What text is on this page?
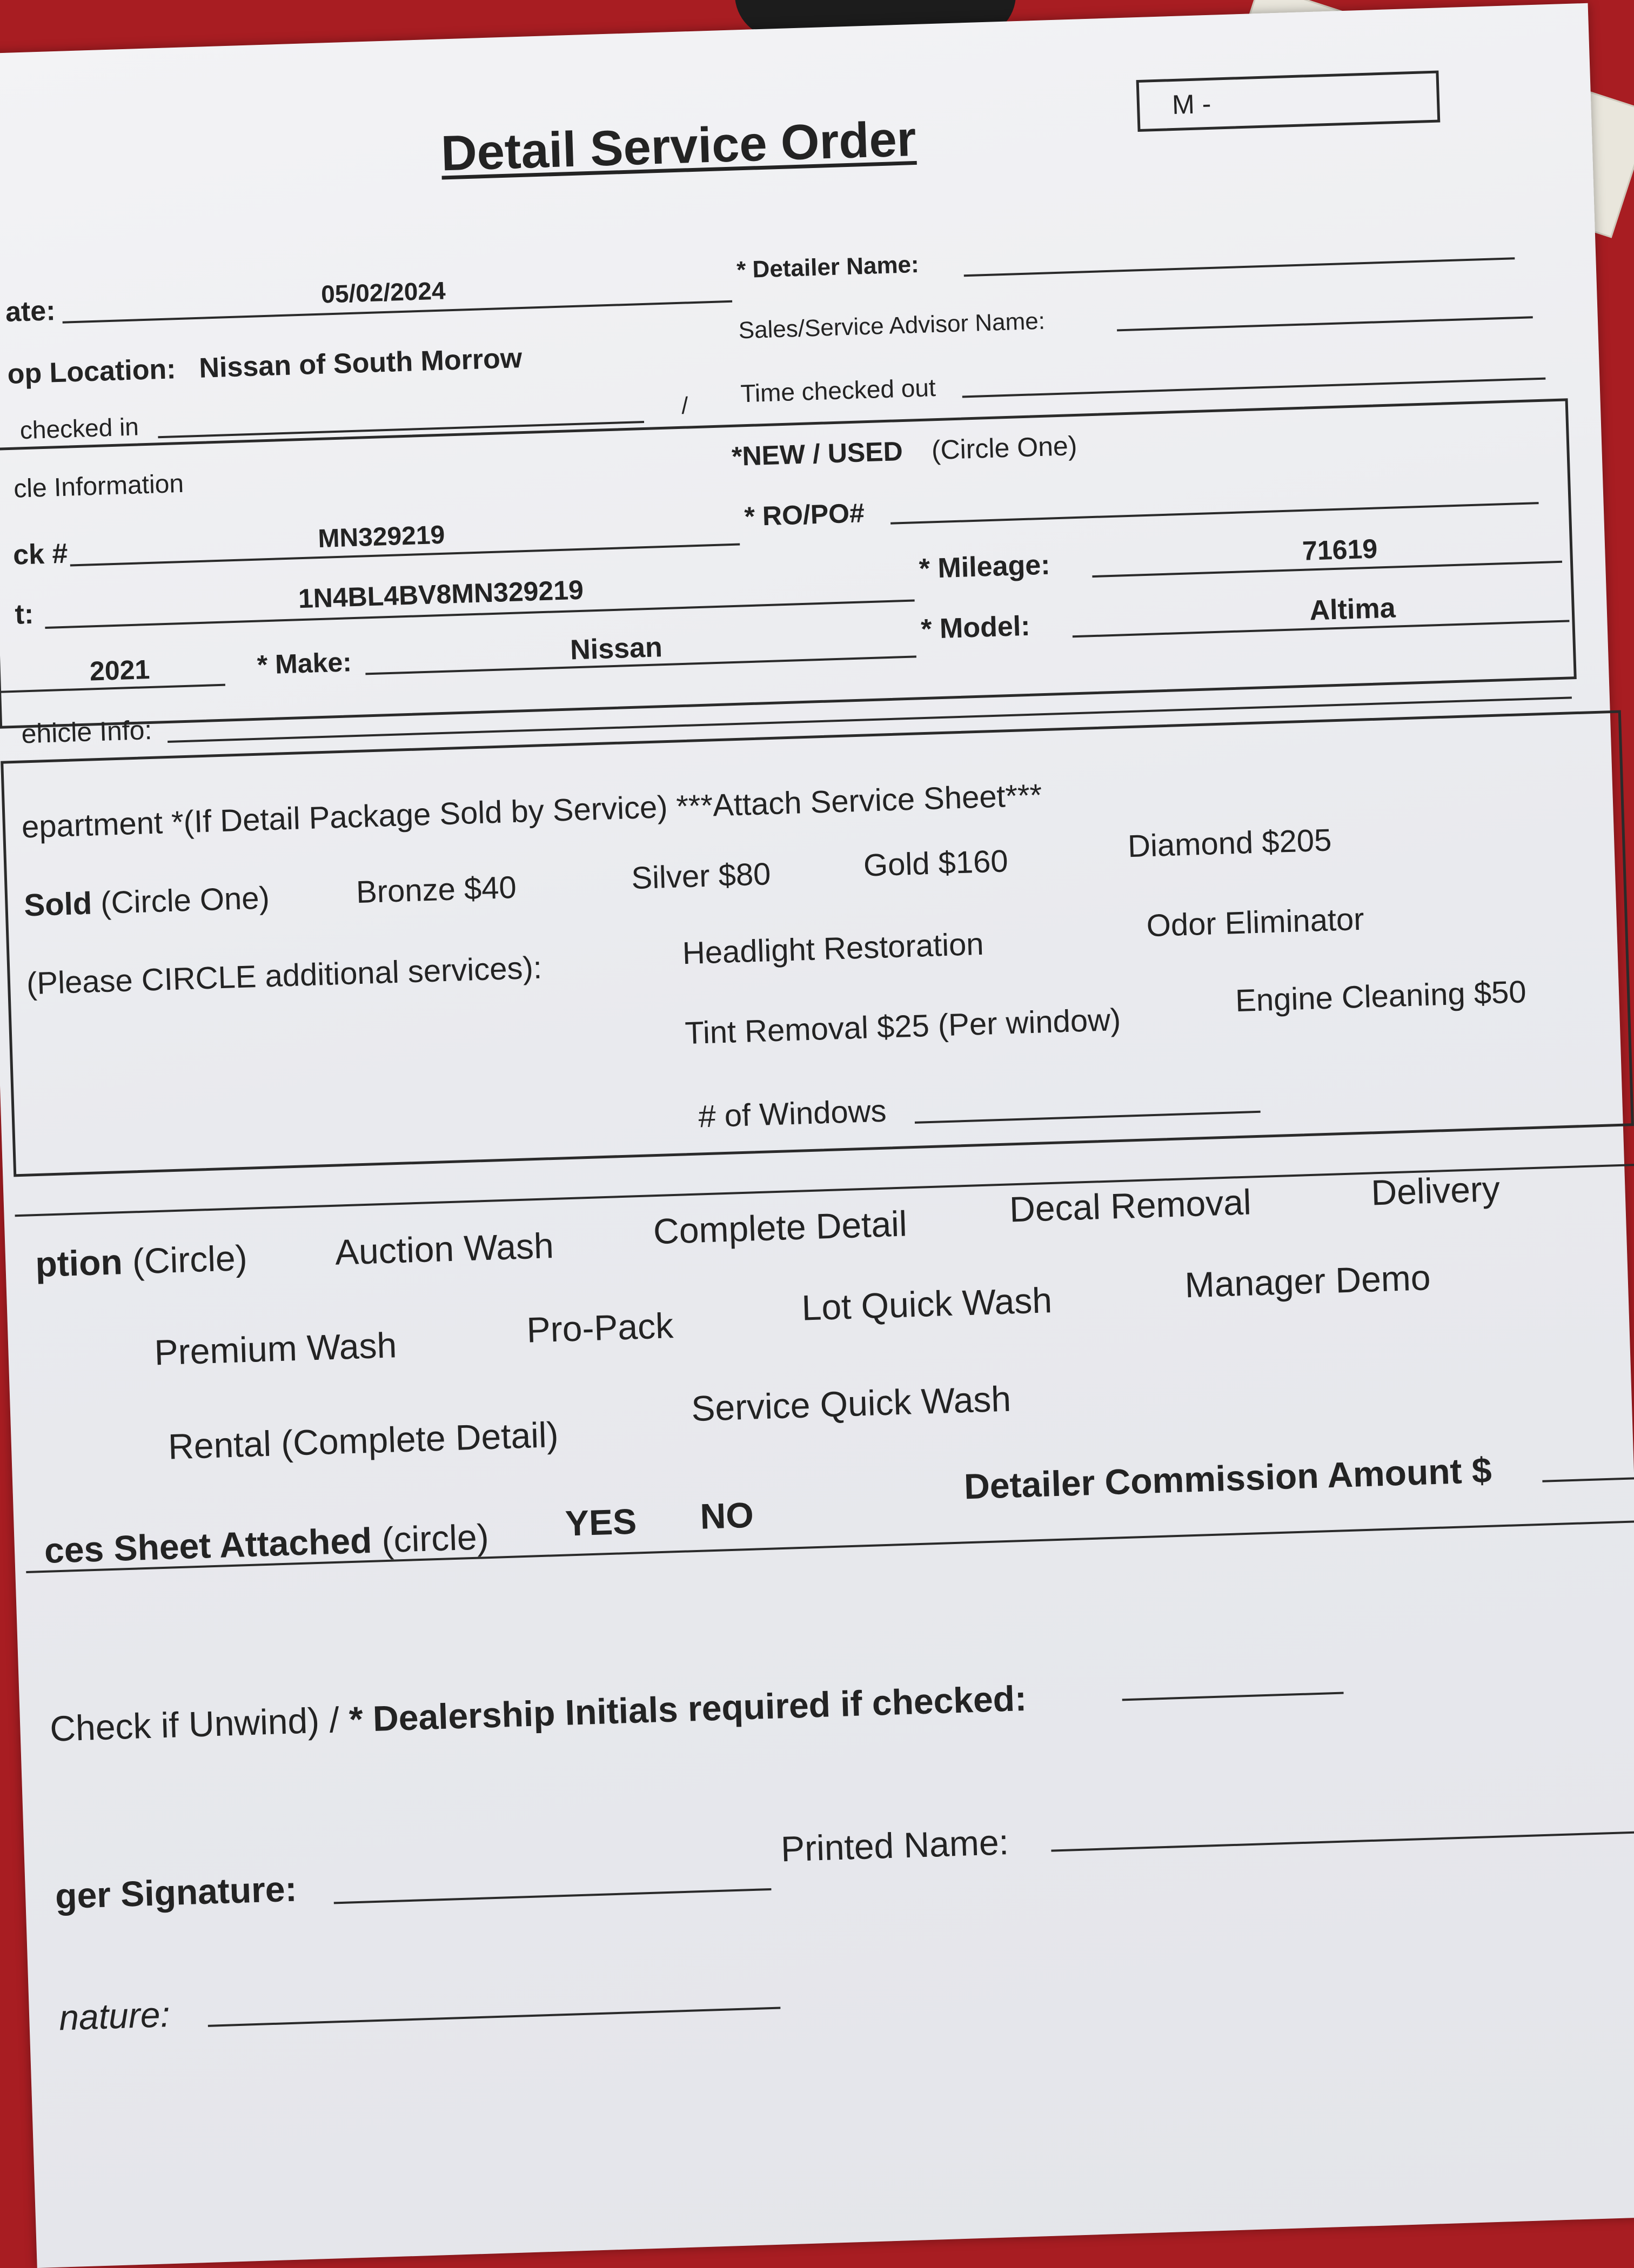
Detail Service Order
M -
ate:
05/02/2024
* Detailer Name:
op Location: Nissan of South Morrow
Sales/Service Advisor Name:
checked in
/ Time checked out
cle Information
*NEW / USED (Circle One)
ck #
MN329219
* RO/PO#
t:
1N4BL4BV8MN329219
* Mileage:	71619
2021	* Make:	Nissan
* Model:
Altima
ehicle Info:
epartment *(If Detail Package Sold by Service) ***Attach Service Sheet***
Sold (Circle One)	Bronze $40	Silver $80	Gold $160	Diamond $205
(Please CIRCLE additional services):
Headlight Restoration
Odor Eliminator
Tint Removal $25 (Per window)
Engine Cleaning $50
# of Windows
ption (Circle) Auction Wash	Complete Detail	Decal Removal	Delivery
Premium Wash	Pro-Pack	Lot Quick Wash	Manager Demo
Rental (Complete Detail)
Service Quick Wash
ces Sheet Attached (circle) YES NO
Detailer Commission Amount $
Check if Unwind) / * Dealership Initials required if checked:
ger Signature:
Printed Name:
nature:
